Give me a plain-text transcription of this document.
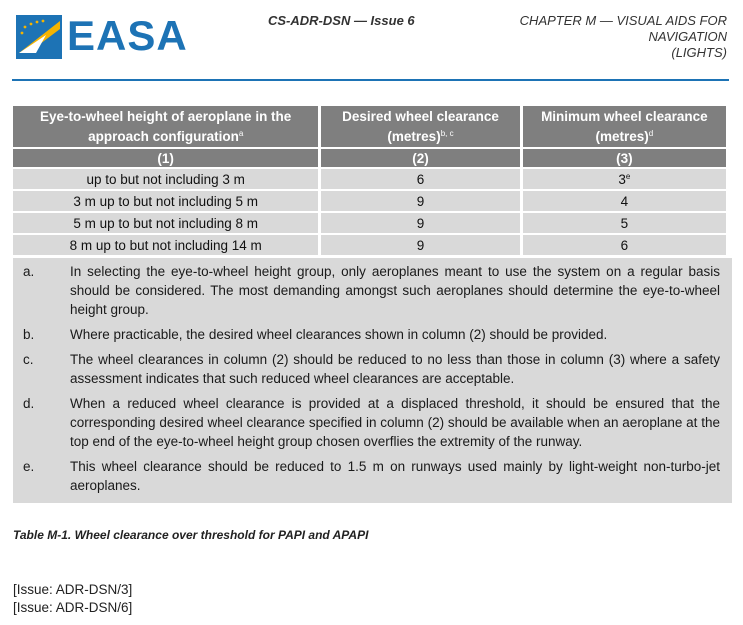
EASA	CS-ADR-DSN — Issue 6	CHAPTER M — VISUAL AIDS FOR NAVIGATION
(LIGHTS)
Eye-to-wheel height of aeroplane in the approach configuration$^a$	Desired wheel clearance (metres)$^{b, c}$	Minimum wheel clearance (metres)$^d$
(1)	(2)	(3)
up to but not including 3 m	6	3e
3 m up to but not including 5 m	9	4
5 m up to but not including 8 m	9	5
8 m up to but not including 14 m	9	6
a.	In selecting the eye-to-wheel height group, only aeroplanes meant to use the system on a regular basis should be considered. The most demanding amongst such aeroplanes should determine the eye-to-wheel height group.
b.	Where practicable, the desired wheel clearances shown in column (2) should be provided.
c.	The wheel clearances in column (2) should be reduced to no less than those in column (3) where a safety assessment indicates that such reduced wheel clearances are acceptable.
d.	When a reduced wheel clearance is provided at a displaced threshold, it should be ensured that the corresponding desired wheel clearance specified in column (2) should be available when an aeroplane at the top end of the eye-to-wheel height group chosen overflies the extremity of the runway.
e.	This wheel clearance should be reduced to 1.5 m on runways used mainly by light-weight non-turbo-jet aeroplanes.
Table M-1. Wheel clearance over threshold for PAPI and APAPI
[Issue: ADR-DSN/3]
[Issue: ADR-DSN/6]
